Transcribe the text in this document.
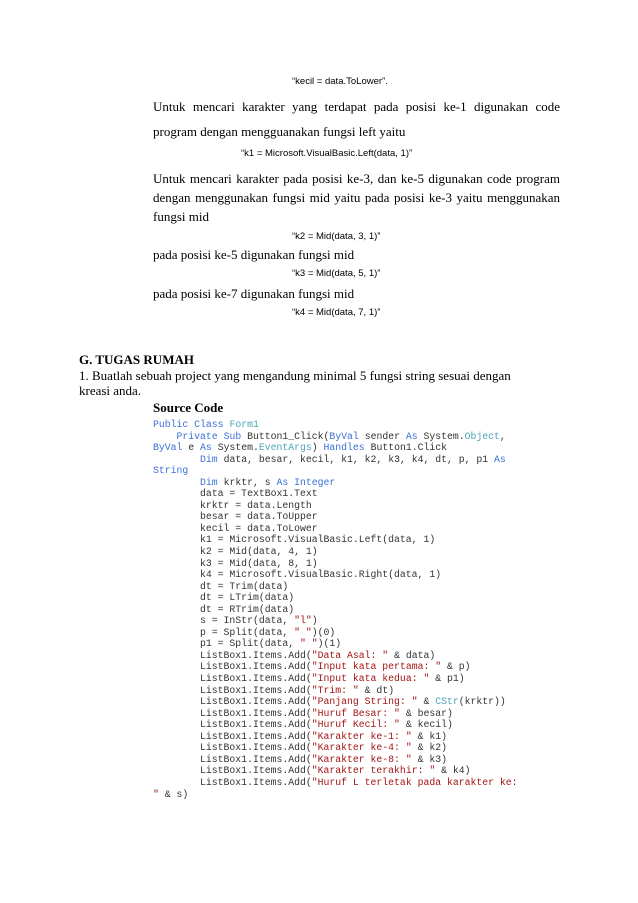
“kecil = data.ToLower”.
Untuk mencari karakter yang terdapat pada posisi ke-1 digunakan code
program dengan mengguanakan fungsi left yaitu
“k1 = Microsoft.VisualBasic.Left(data, 1)”
Untuk mencari karakter pada posisi ke-3, dan ke-5 digunakan code program
dengan menggunakan fungsi mid yaitu pada posisi ke-3 yaitu menggunakan
fungsi mid
“k2 = Mid(data, 3, 1)”
pada posisi ke-5 digunakan fungsi mid
“k3 = Mid(data, 5, 1)”
pada posisi ke-7 digunakan fungsi mid
“k4 = Mid(data, 7, 1)”
G. TUGAS RUMAH
1. Buatlah sebuah project yang mengandung minimal 5 fungsi string sesuai dengan
kreasi anda.
Source Code
Public Class Form1
Private Sub Button1_Click(ByVal sender As System.Object,
ByVal e As System.EventArgs) Handles Button1.Click
Dim data, besar, kecil, k1, k2, k3, k4, dt, p, p1 As
String
Dim krktr, s As Integer
data = TextBox1.Text
krktr = data.Length
besar = data.ToUpper
kecil = data.ToLower
k1 = Microsoft.VisualBasic.Left(data, 1)
k2 = Mid(data, 4, 1)
k3 = Mid(data, 8, 1)
k4 = Microsoft.VisualBasic.Right(data, 1)
dt = Trim(data)
dt = LTrim(data)
dt = RTrim(data)
s = InStr(data, "l")
p = Split(data, " ")(0)
p1 = Split(data, " ")(1)
ListBox1.Items.Add("Data Asal: " & data)
ListBox1.Items.Add("Input kata pertama: " & p)
ListBox1.Items.Add("Input kata kedua: " & p1)
ListBox1.Items.Add("Trim: " & dt)
ListBox1.Items.Add("Panjang String: " & CStr(krktr))
ListBox1.Items.Add("Huruf Besar: " & besar)
ListBox1.Items.Add("Huruf Kecil: " & kecil)
ListBox1.Items.Add("Karakter ke-1: " & k1)
ListBox1.Items.Add("Karakter ke-4: " & k2)
ListBox1.Items.Add("Karakter ke-8: " & k3)
ListBox1.Items.Add("Karakter terakhir: " & k4)
ListBox1.Items.Add("Huruf L terletak pada karakter ke:
" & s)
